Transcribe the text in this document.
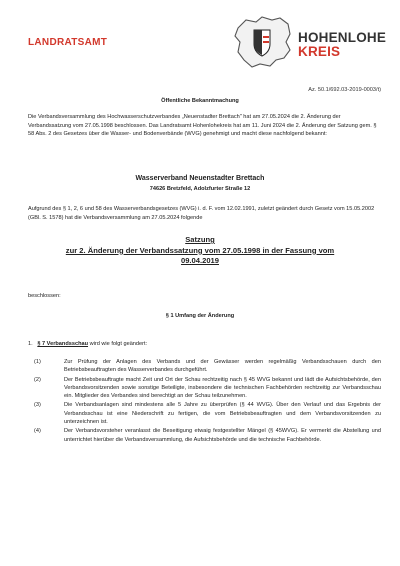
LANDRATSAMT	HOHENLOHE
KREIS
Az. 50.1/692.03-2019-0003/t)
Öffentliche Bekanntmachung

Die Verbandsversammlung des Hochwasserschutzverbandes „Neuenstadter Brettach" hat am 27.05.2024 die 2. Änderung der Verbandssatzung vom 27.05.1998 beschlossen. Das Landratsamt Hohenlohekreis hat am 11. Juni 2024 die 2. Änderung der Satzung gem. § 58 Abs. 2 des Gesetzes über die Wasser- und Bodenverbände (WVG) genehmigt und macht diese nachfolgend bekannt:

Wasserverband Neuenstadter Brettach

74626 Bretzfeld, Adolzfurter Straße 12

Aufgrund des § 1, 2, 6 und 58 des Wasserverbandsgesetzes (WVG) i. d. F. vom 12.02.1991, zuletzt geändert durch Gesetz vom 15.05.2002 (GBl. S. 1578) hat die Verbandsversammlung am 27.05.2024 folgende

Satzung
zur 2. Änderung der Verbandssatzung vom 27.05.1998 in der Fassung vom
09.04.2019
beschlossen:
§ 1 Umfang der Änderung
1. § 7 Verbandsschau wird wie folgt geändert:
(1)	Zur Prüfung der Anlagen des Verbands und der Gewässer werden regelmäßig Verbandsschauen durch den Betriebsbeauftragten des Wasserverbandes durchgeführt.
(2)	Der Betriebsbeauftragte macht Zeit und Ort der Schau rechtzeitig nach § 45 WVG bekannt und lädt die Aufsichtsbehörde, den Verbandsvorsitzenden sowie sonstige Beteiligte, insbesondere die technischen Fachbehörden rechtzeitig zur Verbandsschau ein. Mitglieder des Verbandes sind berechtigt an der Schau teilzunehmen.
(3)	Die Verbandsanlagen sind mindestens alle 5 Jahre zu überprüfen (§ 44 WVG). Über den Verlauf und das Ergebnis der Verbandsschau ist eine Niederschrift zu fertigen, die vom Betriebsbeauftragten und dem Verbandsvorsitzenden zu unterzeichnen ist.
(4)	Der Verbandsvorsteher veranlasst die Beseitigung etwaig festgestellter Mängel (§ 45WVG). Er vermerkt die Abstellung und unterrichtet hierüber die Verbandsversammlung, die Aufsichtsbehörde und die technische Fachbehörde.
